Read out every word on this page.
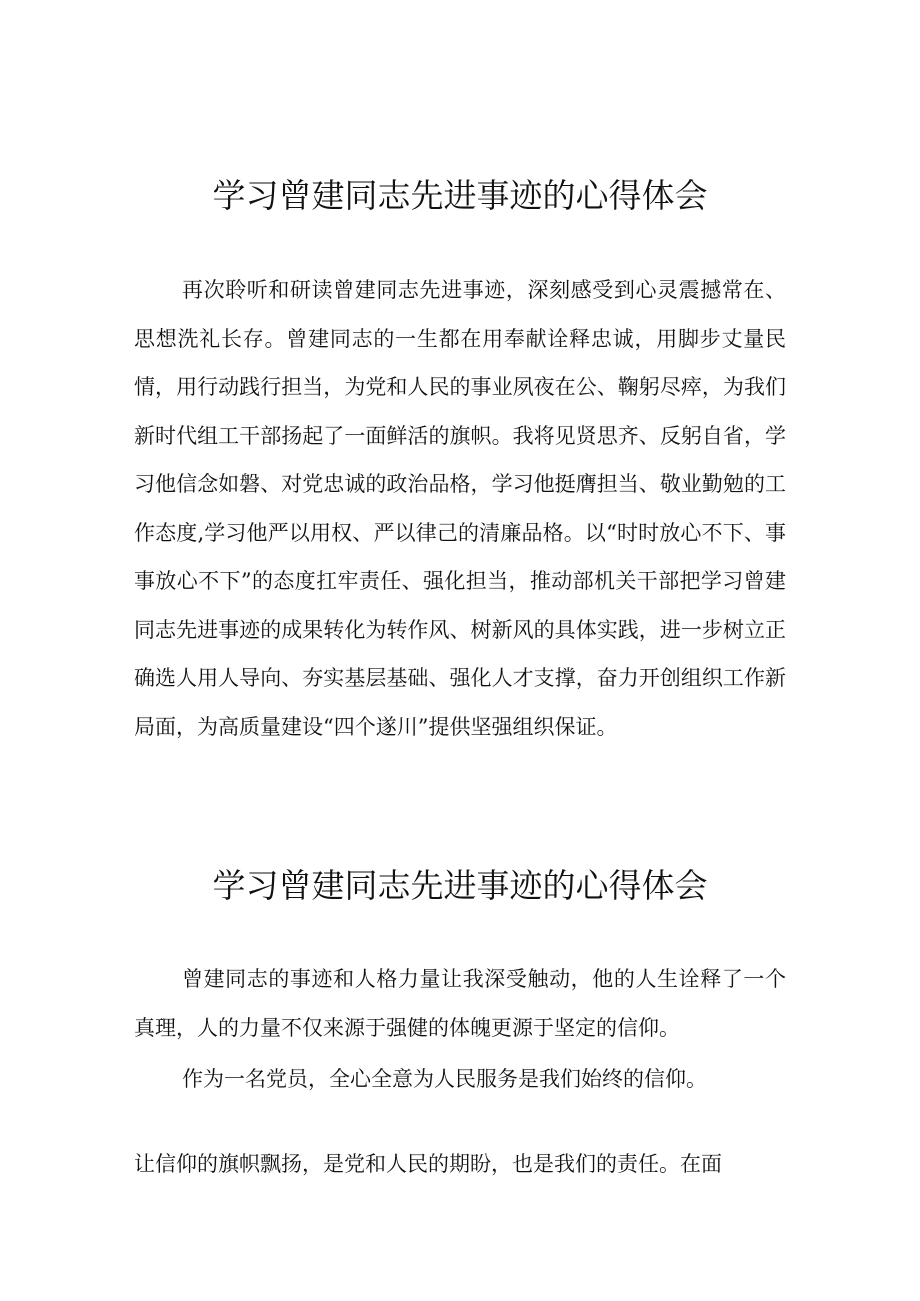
学习曾建同志先进事迹的心得体会

再次聆听和研读曾建同志先进事迹，深刻感受到心灵震撼常在、思想洗礼长存。曾建同志的一生都在用奉献诠释忠诚，用脚步丈量民情，用行动践行担当，为党和人民的事业夙夜在公、鞠躬尽瘁，为我们新时代组工干部扬起了一面鲜活的旗帜。我将见贤思齐、反躬自省，学习他信念如磐、对党忠诚的政治品格，学习他挺膺担当、敬业勤勉的工作态度,学习他严以用权、严以律己的清廉品格。以“时时放心不下、事事放心不下”的态度扛牢责任、强化担当，推动部机关干部把学习曾建同志先进事迹的成果转化为转作风、树新风的具体实践，进一步树立正确选人用人导向、夯实基层基础、强化人才支撑，奋力开创组织工作新局面，为高质量建设“四个遂川”提供坚强组织保证。

学习曾建同志先进事迹的心得体会

曾建同志的事迹和人格力量让我深受触动，他的人生诠释了一个真理，人的力量不仅来源于强健的体魄更源于坚定的信仰。

作为一名党员，全心全意为人民服务是我们始终的信仰。

让信仰的旗帜飘扬，是党和人民的期盼，也是我们的责任。在面
